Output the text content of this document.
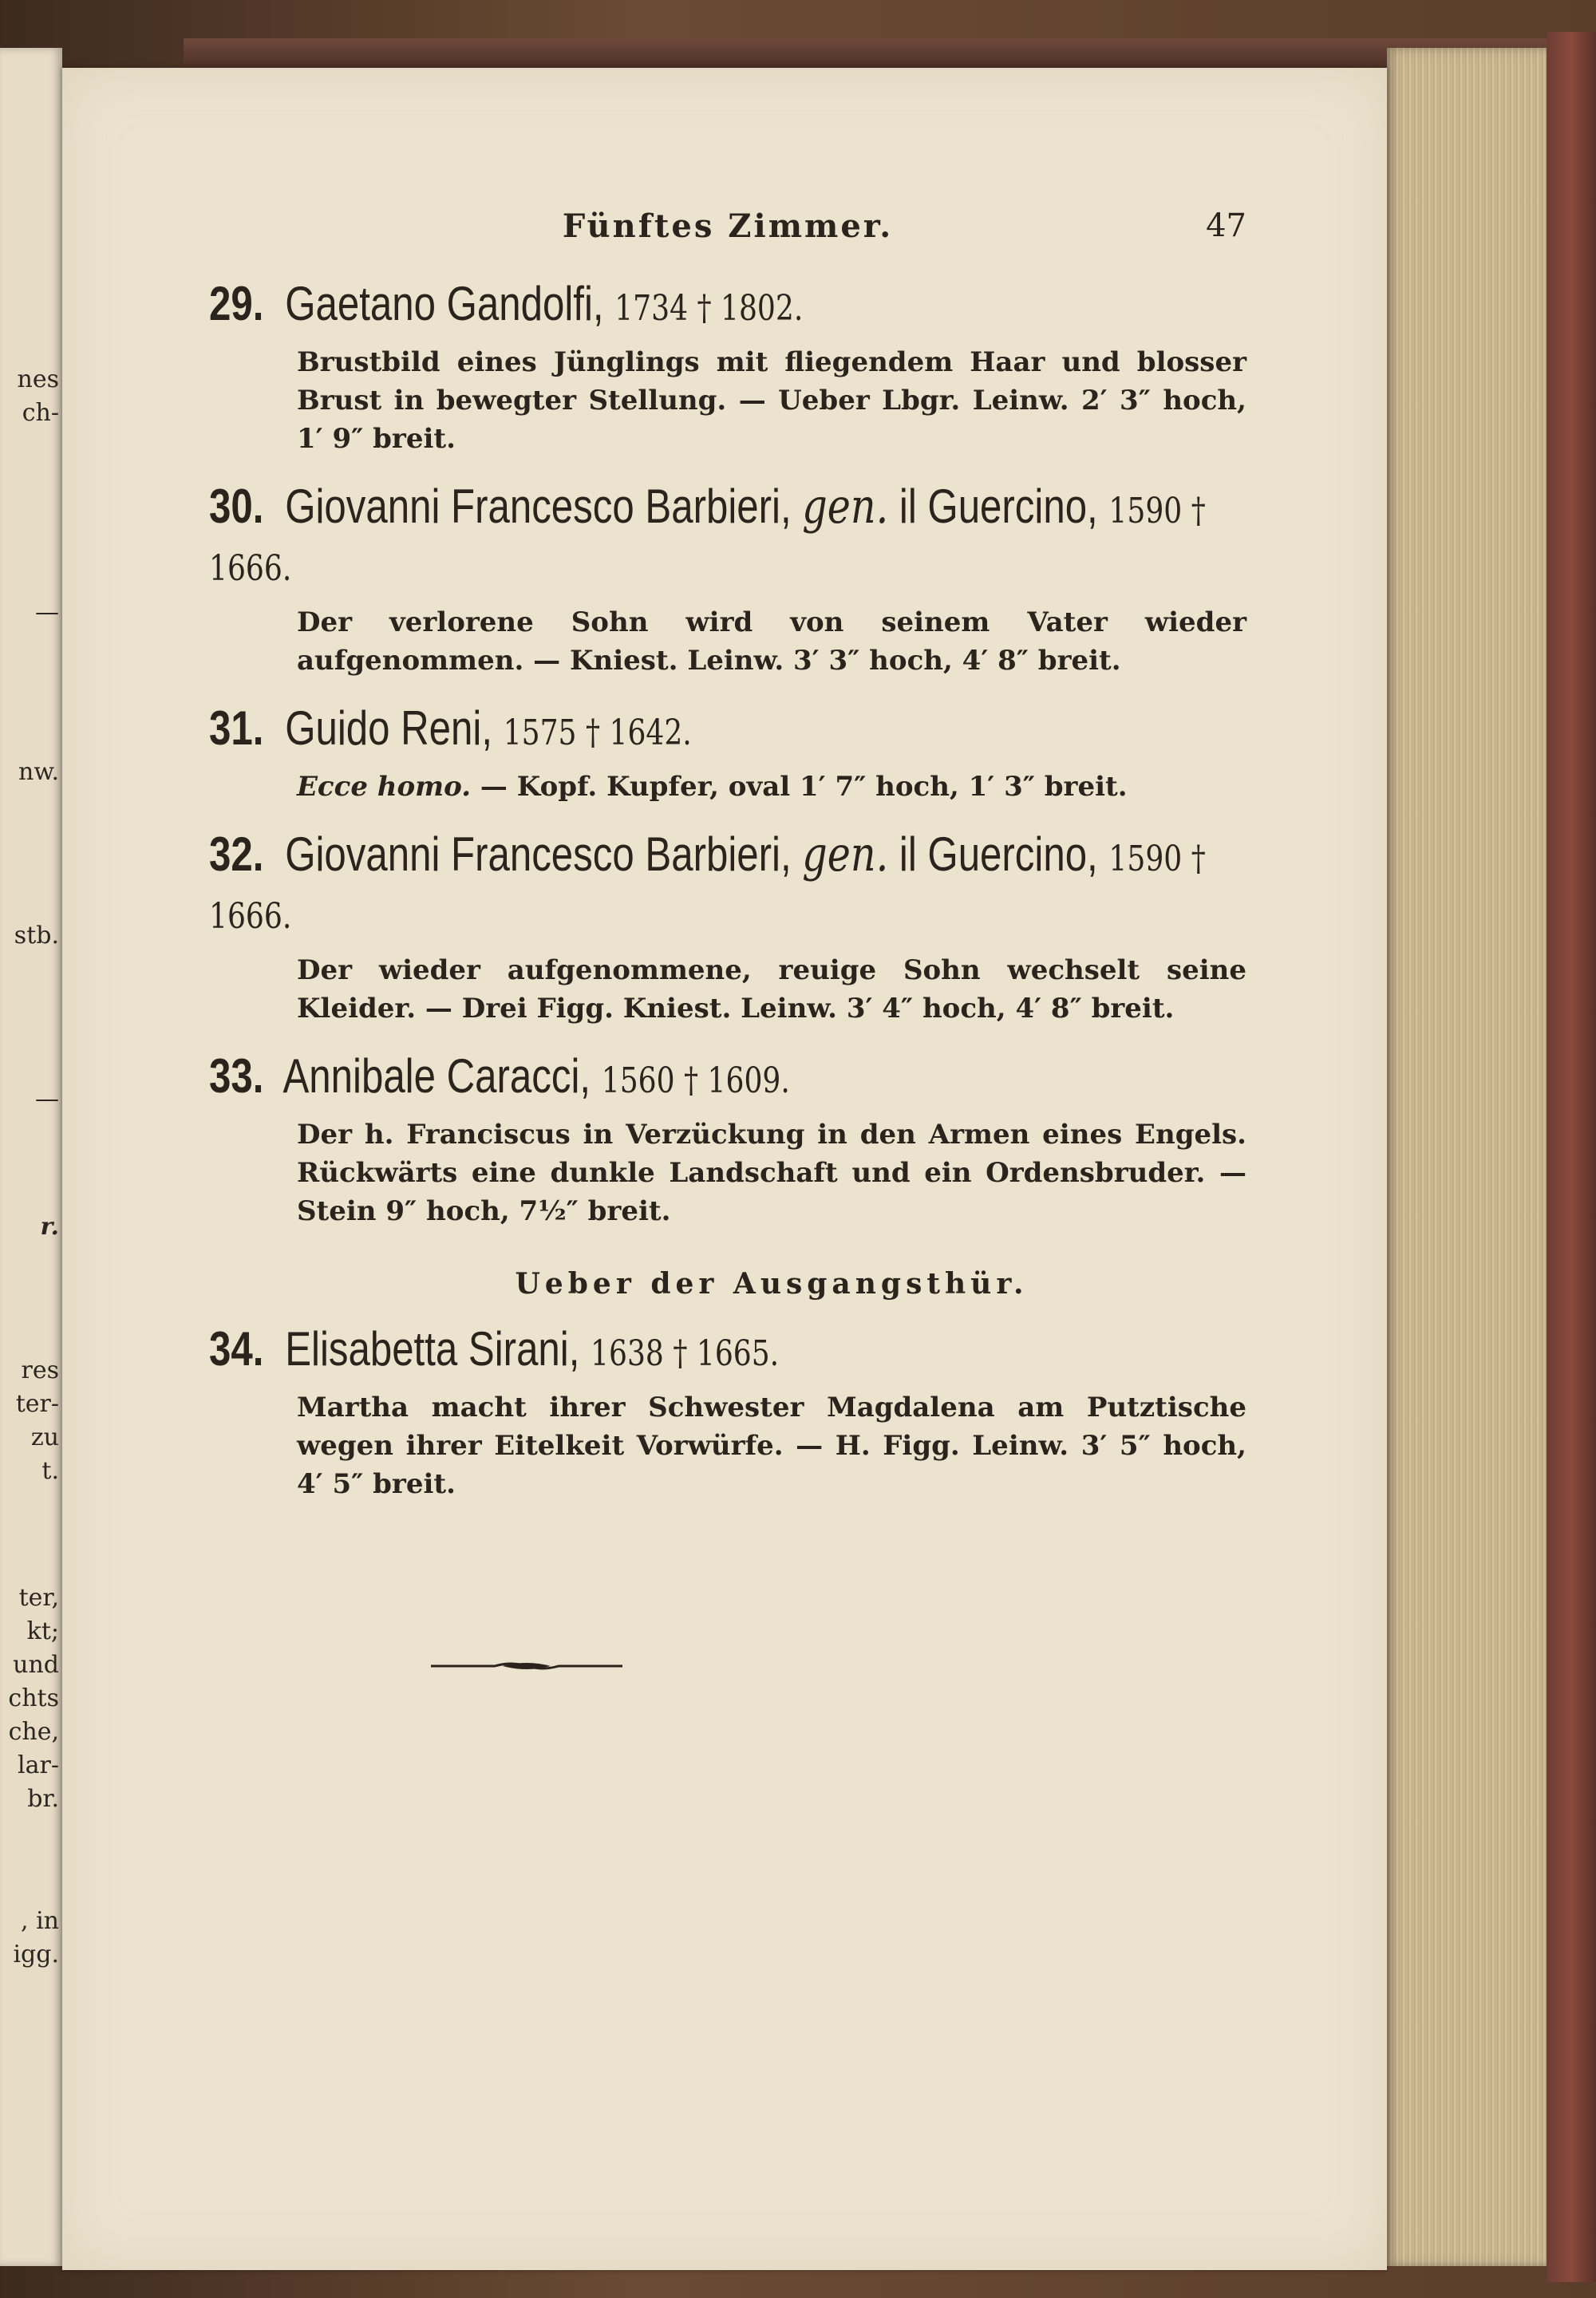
nes
ch-
—
nw.
stb.
—
r.
res
ter-
zu
t.
ter,
kt;
und
chts
che,
lar-
br.
, in
igg.
Fünftes Zimmer.	47
29. Gaetano Gandolfi, 1734 † 1802.
Brustbild eines Jünglings mit fliegendem Haar und blosser Brust in bewegter Stellung. — Ueber Lbgr. Leinw. 2′ 3″ hoch, 1′ 9″ breit.
30. Giovanni Francesco Barbieri, gen. il Guercino, 1590 † 1666.
Der verlorene Sohn wird von seinem Vater wieder aufgenommen. — Kniest. Leinw. 3′ 3″ hoch, 4′ 8″ breit.
31. Guido Reni, 1575 † 1642.
Ecce homo. — Kopf. Kupfer, oval 1′ 7″ hoch, 1′ 3″ breit.
32. Giovanni Francesco Barbieri, gen. il Guercino, 1590 † 1666.
Der wieder aufgenommene, reuige Sohn wechselt seine Kleider. — Drei Figg. Kniest. Leinw. 3′ 4″ hoch, 4′ 8″ breit.
33. Annibale Caracci, 1560 † 1609.
Der h. Franciscus in Verzückung in den Armen eines Engels. Rückwärts eine dunkle Landschaft und ein Ordensbruder. — Stein 9″ hoch, 7½″ breit.
Ueber der Ausgangsthür.
34. Elisabetta Sirani, 1638 † 1665.
Martha macht ihrer Schwester Magdalena am Putztische wegen ihrer Eitelkeit Vorwürfe. — H. Figg. Leinw. 3′ 5″ hoch, 4′ 5″ breit.
